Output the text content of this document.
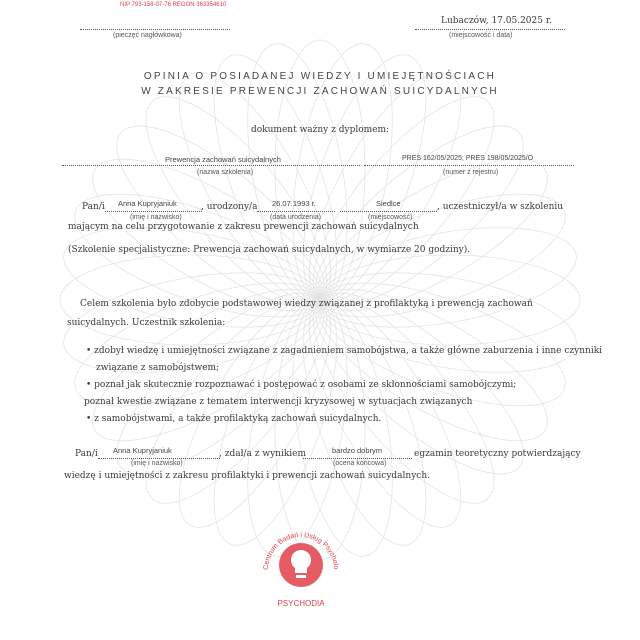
NIP 793-158-07-76 REGON 363354610
(pieczęć nagłówkowa)
Lubaczów, 17.05.2025 r.
(miejscowość i data)
OPINIA O POSIADANEJ WIEDZY I UMIEJĘTNOŚCIACH
W ZAKRESIE PREWENCJI ZACHOWAŃ SUICYDALNYCH
dokument ważny z dyplomem:
Prewencja zachowań suicydalnych
(nazwa szkolenia)
PRES 162/05/2025; PRES 198/05/2025/O
(numer z rejestru)
Pan/i Anna Kupryjaniuk
(imię i nazwisko)
, urodzony/a 26.07.1993 r.
(data urodzenia)
Siedlce
(miejscowość)
, uczestniczył/a w szkoleniu
mającym na celu przygotowanie z zakresu prewencji zachowań suicydalnych
(Szkolenie specjalistyczne: Prewencja zachowań suicydalnych, w wymiarze 20 godziny).
Celem szkolenia było zdobycie podstawowej wiedzy związanej z profilaktyką i prewencją zachowań
suicydalnych. Uczestnik szkolenia:
• zdobył wiedzę i umiejętności związane z zagadnieniem samobójstwa, a także główne zaburzenia i inne czynniki
związane z samobójstwem;
• poznał jak skutecznie rozpoznawać i postępować z osobami ze skłonnościami samobójczymi;
poznał kwestie związane z tematem interwencji kryzysowej w sytuacjach związanych
• z samobójstwami, a także profilaktyką zachowań suicydalnych.
Pan/i Anna Kupryjaniuk
(imię i nazwisko)
, zdał/a z wynikiem	bardzo dobrym
(ocena końcowa)
egzamin teoretyczny potwierdzający
wiedzę i umiejętności z zakresu profilaktyki i prewencji zachowań suicydalnych.
Centrum Badań i Usług Psycholo
PSYCHODIA
